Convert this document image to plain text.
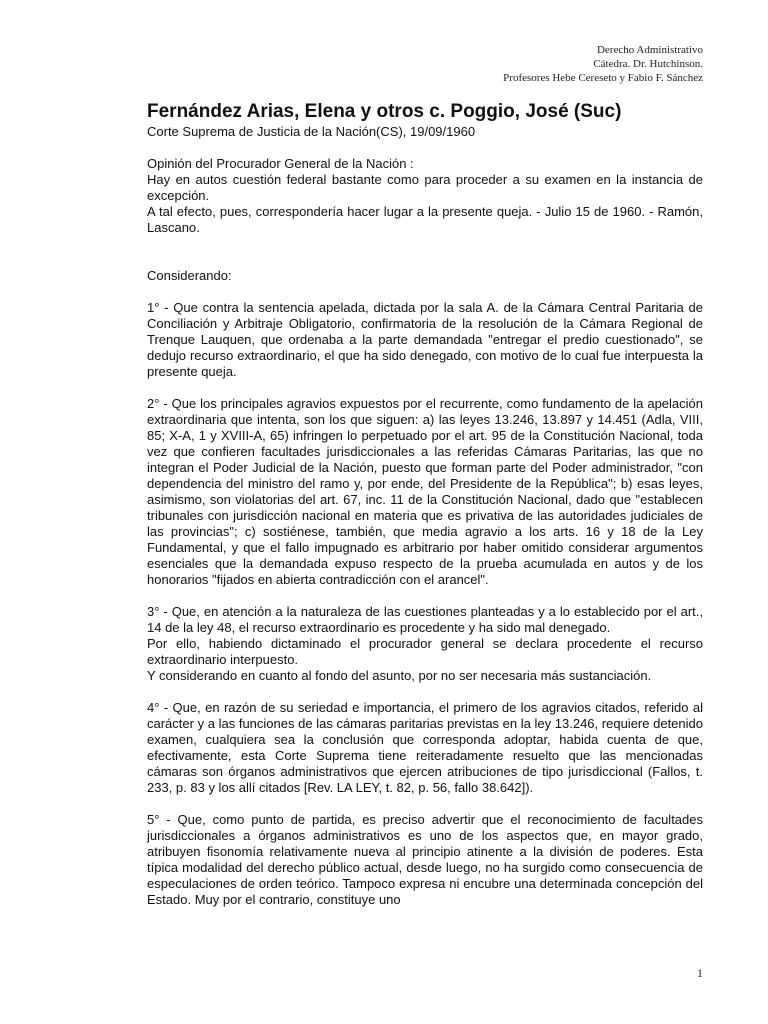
Derecho Administrativo
Cátedra. Dr. Hutchinson.
Profesores Hebe Cereseto y Fabio F. Sánchez
Fernández Arias, Elena y otros c. Poggio, José (Suc)
Corte Suprema de Justicia de la Nación(CS), 19/09/1960

Opinión del Procurador General de la Nación :

Hay en autos cuestión federal bastante como para proceder a su examen en la instancia de excepción.

A tal efecto, pues, correspondería hacer lugar a la presente queja. - Julio 15 de 1960. - Ramón, Lascano.

Considerando:

1° - Que contra la sentencia apelada, dictada por la sala A. de la Cámara Central Paritaria de Conciliación y Arbitraje Obligatorio, confirmatoria de la resolución de la Cámara Regional de Trenque Lauquen, que ordenaba a la parte demandada "entregar el predio cuestionado", se dedujo recurso extraordinario, el que ha sido denegado, con motivo de lo cual fue interpuesta la presente queja.

2° - Que los principales agravios expuestos por el recurrente, como fundamento de la apelación extraordinaria que intenta, son los que siguen: a) las leyes 13.246, 13.897 y 14.451 (Adla, VIII, 85; X-A, 1 y XVIII-A, 65) infringen lo perpetuado por el art. 95 de la Constitución Nacional, toda vez que confieren facultades jurisdiccionales a las referidas Cámaras Paritarias, las que no integran el Poder Judicial de la Nación, puesto que forman parte del Poder administrador, "con dependencia del ministro del ramo y, por ende, del Presidente de la República"; b) esas leyes, asimismo, son violatorias del art. 67, inc. 11 de la Constitución Nacional, dado que "establecen tribunales con jurisdicción nacional en materia que es privativa de las autoridades judiciales de las provincias"; c) sostiénese, también, que media agravio a los arts. 16 y 18 de la Ley Fundamental, y que el fallo impugnado es arbitrario por haber omitido considerar argumentos esenciales que la demandada expuso respecto de la prueba acumulada en autos y de los honorarios "fijados en abierta contradicción con el arancel".

3° - Que, en atención a la naturaleza de las cuestiones planteadas y a lo establecido por el art., 14 de la ley 48, el recurso extraordinario es procedente y ha sido mal denegado.

Por ello, habiendo dictaminado el procurador general se declara procedente el recurso extraordinario interpuesto.

Y considerando en cuanto al fondo del asunto, por no ser necesaria más sustanciación.

4° - Que, en razón de su seriedad e importancia, el primero de los agravios citados, referido al carácter y a las funciones de las cámaras paritarias previstas en la ley 13.246, requiere detenido examen, cualquiera sea la conclusión que corresponda adoptar, habida cuenta de que, efectivamente, esta Corte Suprema tiene reiteradamente resuelto que las mencionadas cámaras son órganos administrativos que ejercen atribuciones de tipo jurisdiccional (Fallos, t. 233, p. 83 y los allí citados [Rev. LA LEY, t. 82, p. 56, fallo 38.642]).

5° - Que, como punto de partida, es preciso advertir que el reconocimiento de facultades jurisdiccionales a órganos administrativos es uno de los aspectos que, en mayor grado, atribuyen fisonomía relativamente nueva al principio atinente a la división de poderes. Esta típica modalidad del derecho público actual, desde luego, no ha surgido como consecuencia de especulaciones de orden teórico. Tampoco expresa ni encubre una determinada concepción del Estado. Muy por el contrario, constituye uno

1
